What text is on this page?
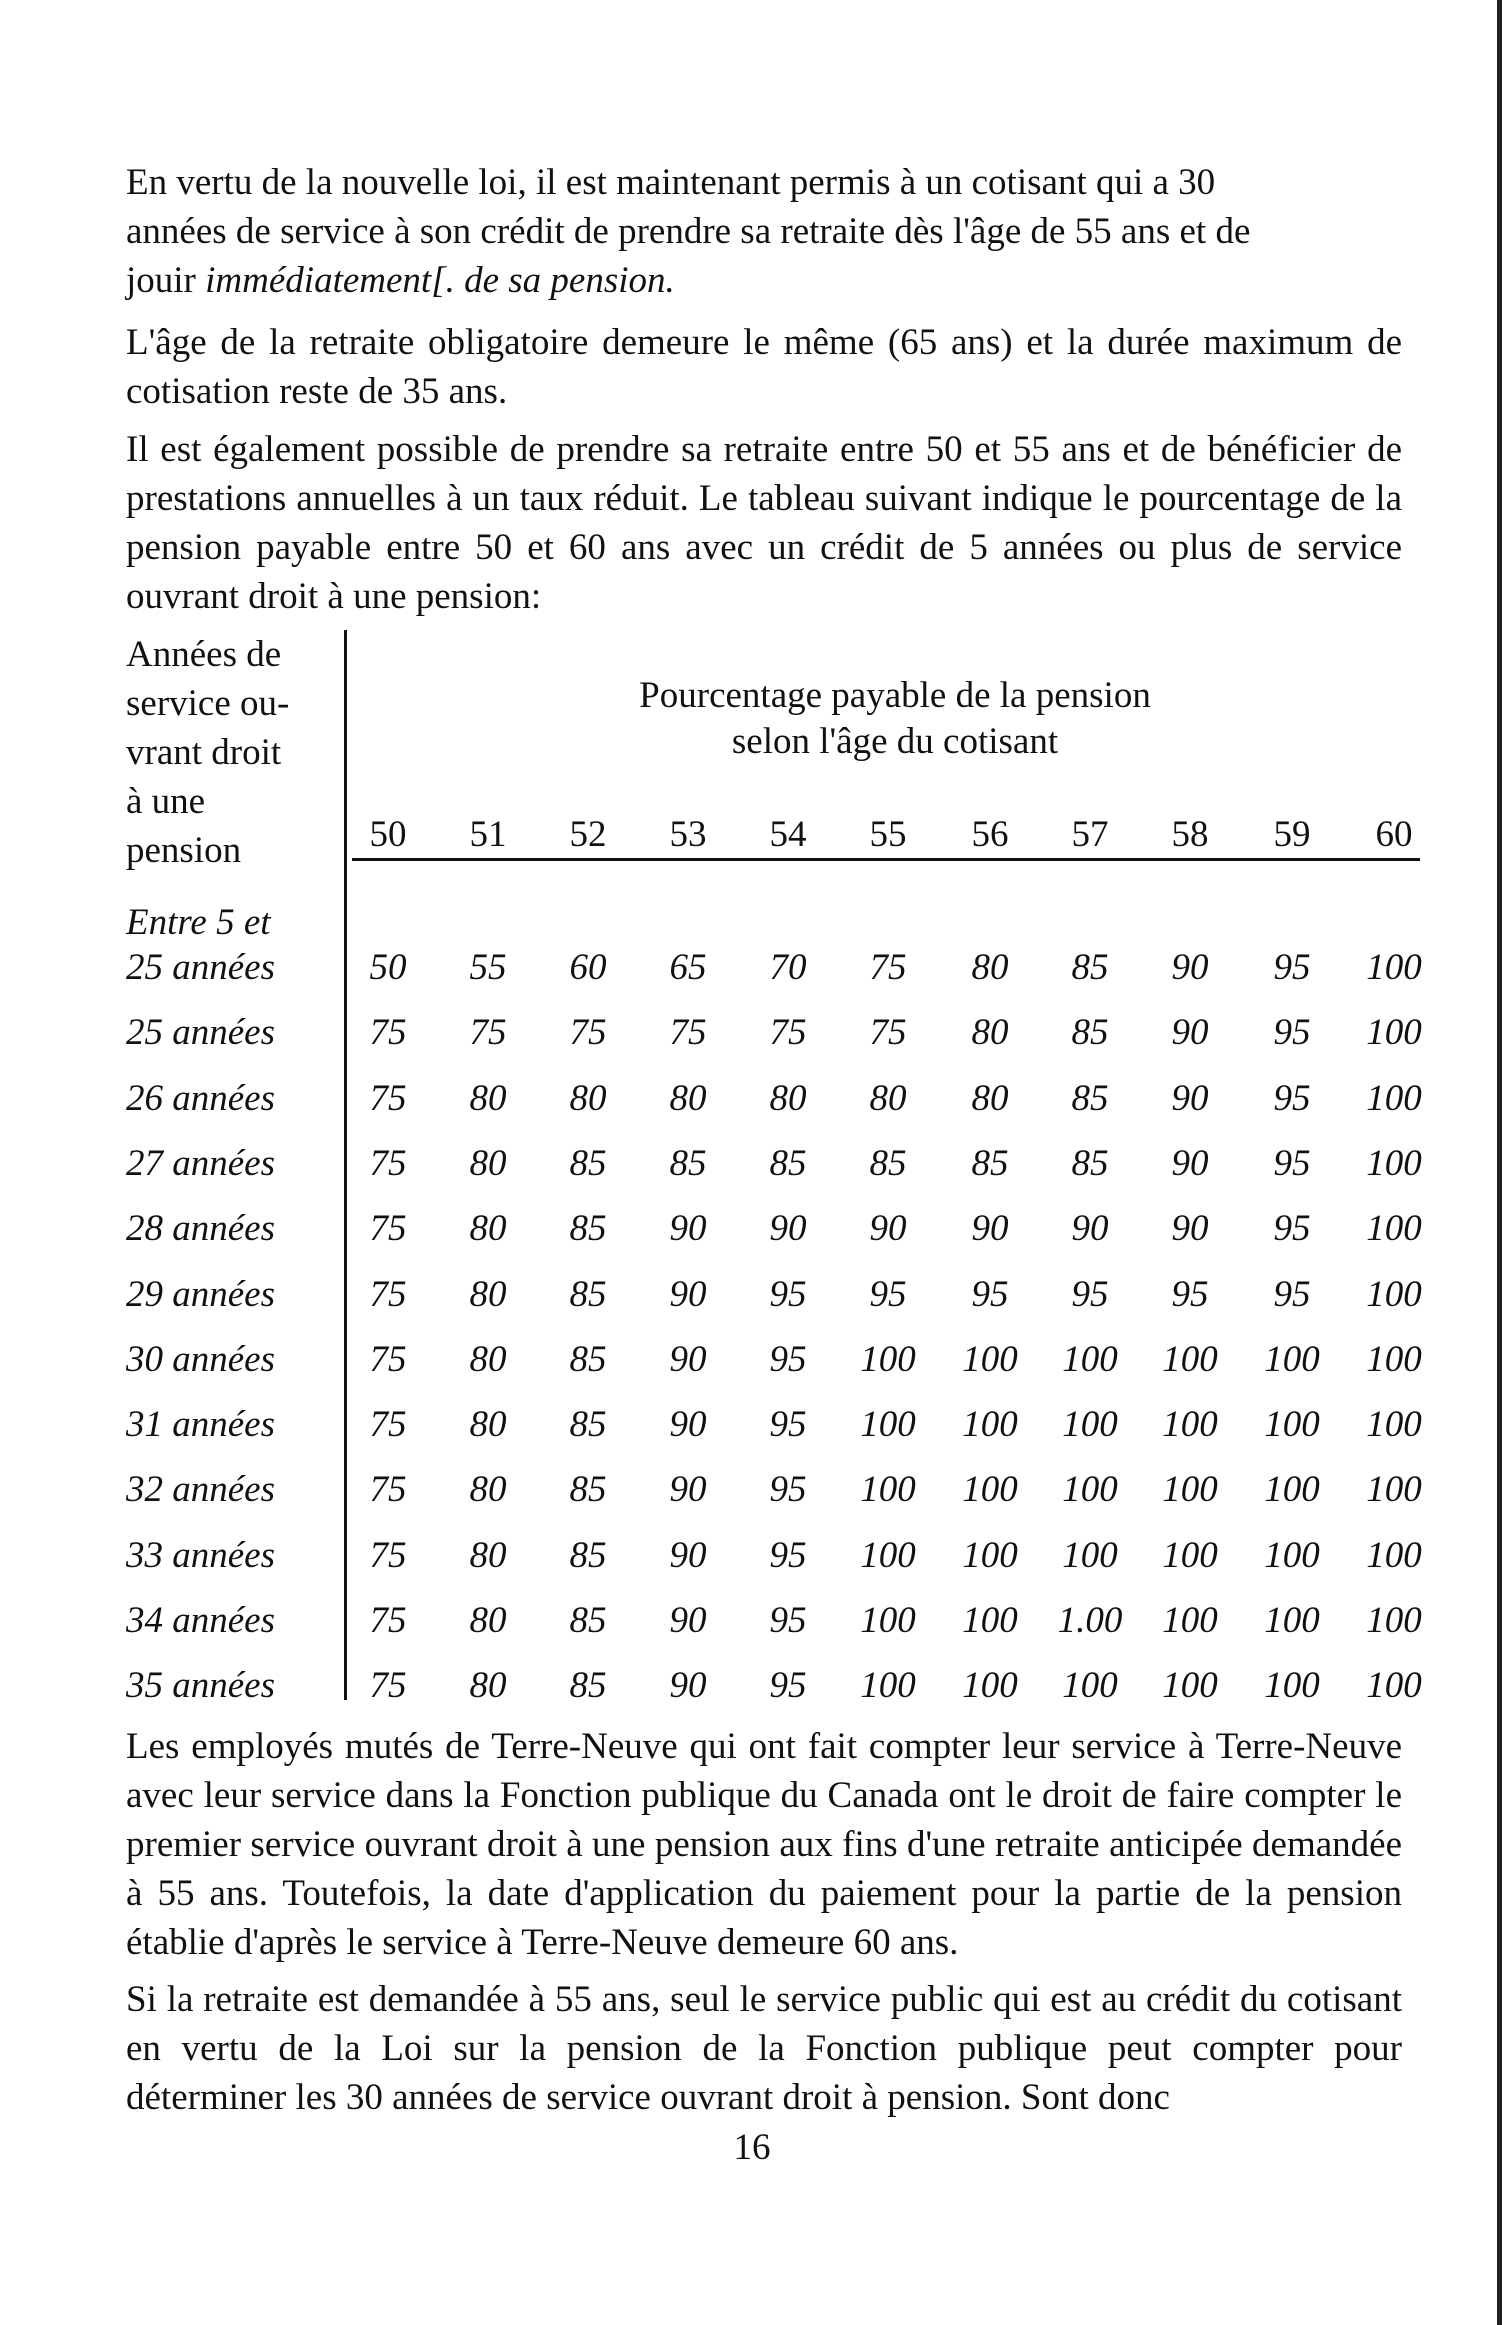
En vertu de la nouvelle loi, il est maintenant permis à un cotisant qui a 30
années de service à son crédit de prendre sa retraite dès l'âge de 55 ans et de
jouir immédiatement[. de sa pension.

L'âge de la retraite obligatoire demeure le même (65 ans) et la durée maximum de cotisation reste de 35 ans.

Il est également possible de prendre sa retraite entre 50 et 55 ans et de bénéficier de prestations annuelles à un taux réduit. Le tableau suivant indique le pourcentage de la pension payable entre 50 et 60 ans avec un crédit de 5 années ou plus de service ouvrant droit à une pension:

Années de
service ou-
vrant droit
à une
pension
Pourcentage payable de la pension
selon l'âge du cotisant
50	51	52	53	54	55	56	57	58	59	60
Entre 5 et
25 années	50	55	60	65	70	75	80	85	90	95	100
25 années	75	75	75	75	75	75	80	85	90	95	100
26 années	75	80	80	80	80	80	80	85	90	95	100
27 années	75	80	85	85	85	85	85	85	90	95	100
28 années	75	80	85	90	90	90	90	90	90	95	100
29 années	75	80	85	90	95	95	95	95	95	95	100
30 années	75	80	85	90	95	100 100 100 100 100 100
31 années	75	80	85	90	95	100 100 100 100 100 100
32 années	75	80	85	90	95	100 100 100 100 100 100
33 années	75	80	85	90	95	100 100 100 100 100 100
34 années	75	80	85	90	95	100 100 1.00 100 100 100
35 années	75	80	85	90	95	100 100 100 100 100 100

Les employés mutés de Terre-Neuve qui ont fait compter leur service à Terre-Neuve avec leur service dans la Fonction publique du Canada ont le droit de faire compter le premier service ouvrant droit à une pension aux fins d'une retraite anticipée demandée à 55 ans. Toutefois, la date d'application du paiement pour la partie de la pension établie d'après le service à Terre-Neuve demeure 60 ans.

Si la retraite est demandée à 55 ans, seul le service public qui est au crédit du cotisant en vertu de la Loi sur la pension de la Fonction publique peut compter pour déterminer les 30 années de service ouvrant droit à pension. Sont donc

16
